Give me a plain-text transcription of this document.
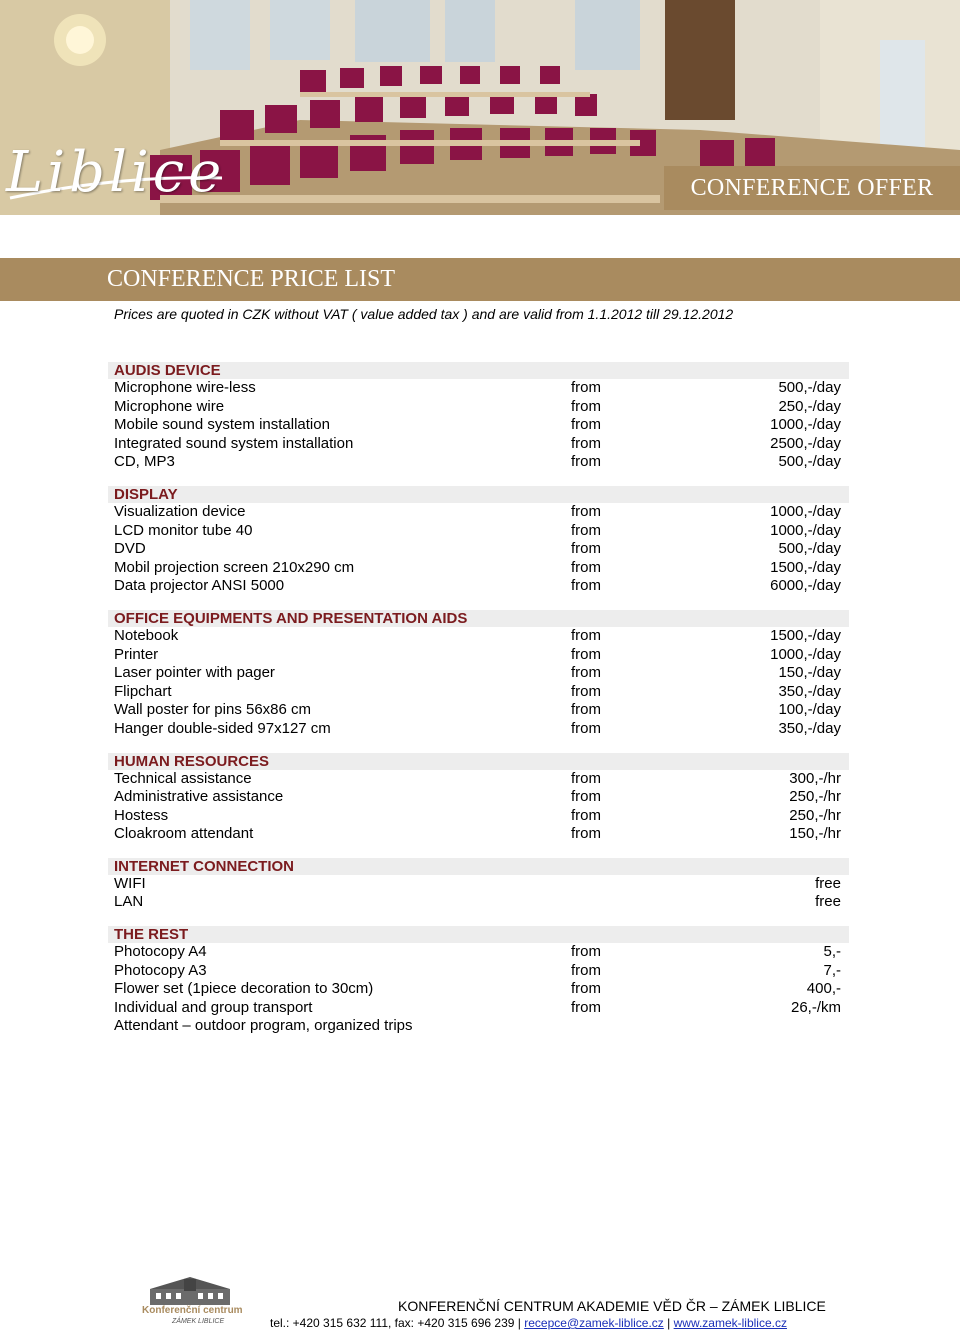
Liblice	CONFERENCE OFFER
CONFERENCE PRICE LIST
Prices are quoted in CZK without VAT ( value added tax ) and are valid from 1.1.2012 till 29.12.2012
AUDIS DEVICE
Microphone wire-less	from	500,-/day
Microphone wire	from	250,-/day
Mobile sound system installation	from	1000,-/day
Integrated sound system installation	from	2500,-/day
CD, MP3	from	500,-/day
DISPLAY
Visualization device	from	1000,-/day
LCD monitor tube 40	from	1000,-/day
DVD	from	500,-/day
Mobil projection screen 210x290 cm	from	1500,-/day
Data projector ANSI 5000	from	6000,-/day
OFFICE EQUIPMENTS AND PRESENTATION AIDS
Notebook	from	1500,-/day
Printer	from	1000,-/day
Laser pointer with pager	from	150,-/day
Flipchart	from	350,-/day
Wall poster for pins 56x86 cm	from	100,-/day
Hanger double-sided 97x127 cm	from	350,-/day
HUMAN RESOURCES
Technical assistance	from	300,-/hr
Administrative assistance	from	250,-/hr
Hostess	from	250,-/hr
Cloakroom attendant	from	150,-/hr
INTERNET CONNECTION
WIFI	free
LAN	free
THE REST
Photocopy A4	from	5,-
Photocopy A3	from	7,-
Flower set (1piece decoration to 30cm)	from	400,-
Individual and group transport	from	26,-/km
Attendant – outdoor program, organized trips
Konferenční centrum
ZÁMEK LIBLICE
KONFERENČNÍ CENTRUM AKADEMIE VĚD ČR – ZÁMEK LIBLICE
tel.: +420 315 632 111, fax: +420 315 696 239 | recepce@zamek-liblice.cz | www.zamek-liblice.cz
